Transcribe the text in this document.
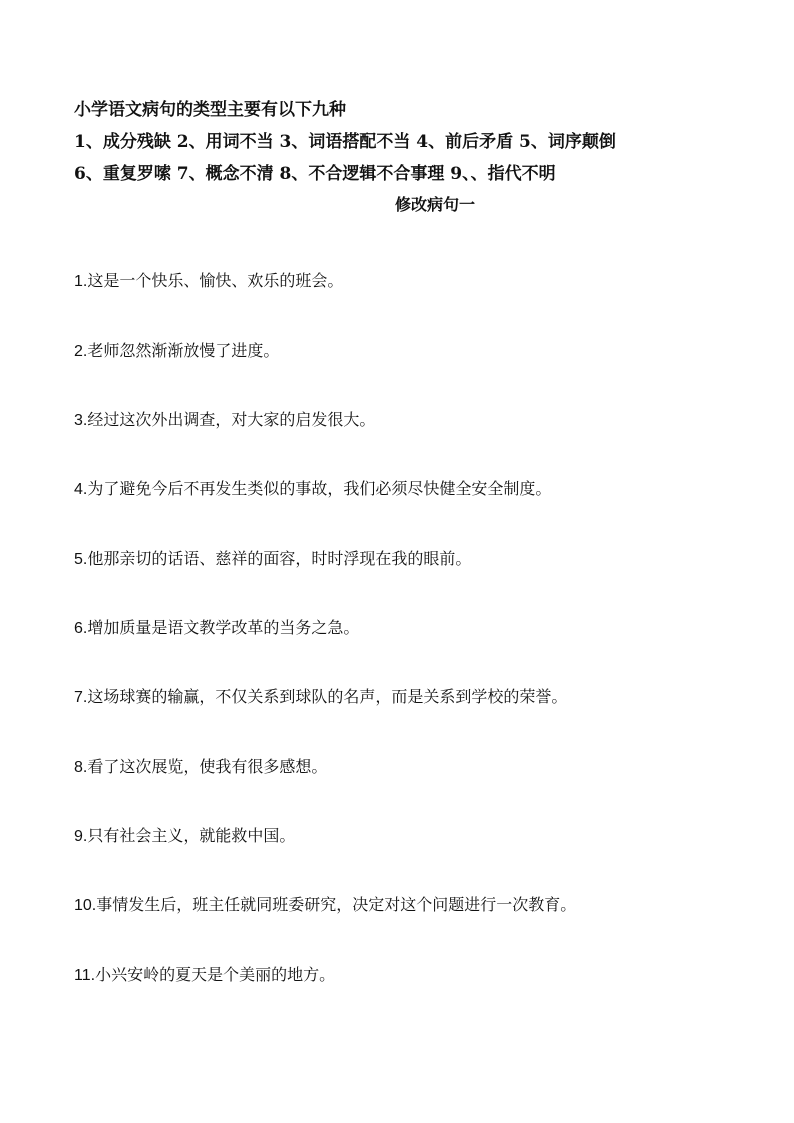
小学语文病句的类型主要有以下九种
1、成分残缺 2、用词不当 3、词语搭配不当 4、前后矛盾 5、词序颠倒
6、重复罗嗦 7、概念不清 8、不合逻辑不合事理 9、、指代不明
修改病句一
1.这是一个快乐、愉快、欢乐的班会。
2.老师忽然渐渐放慢了进度。
3.经过这次外出调查，对大家的启发很大。
4.为了避免今后不再发生类似的事故，我们必须尽快健全安全制度。
5.他那亲切的话语、慈祥的面容，时时浮现在我的眼前。
6.增加质量是语文教学改革的当务之急。
7.这场球赛的输赢，不仅关系到球队的名声，而是关系到学校的荣誉。
8.看了这次展览，使我有很多感想。
9.只有社会主义，就能救中国。
10.事情发生后，班主任就同班委研究，决定对这个问题进行一次教育。
11.小兴安岭的夏天是个美丽的地方。
